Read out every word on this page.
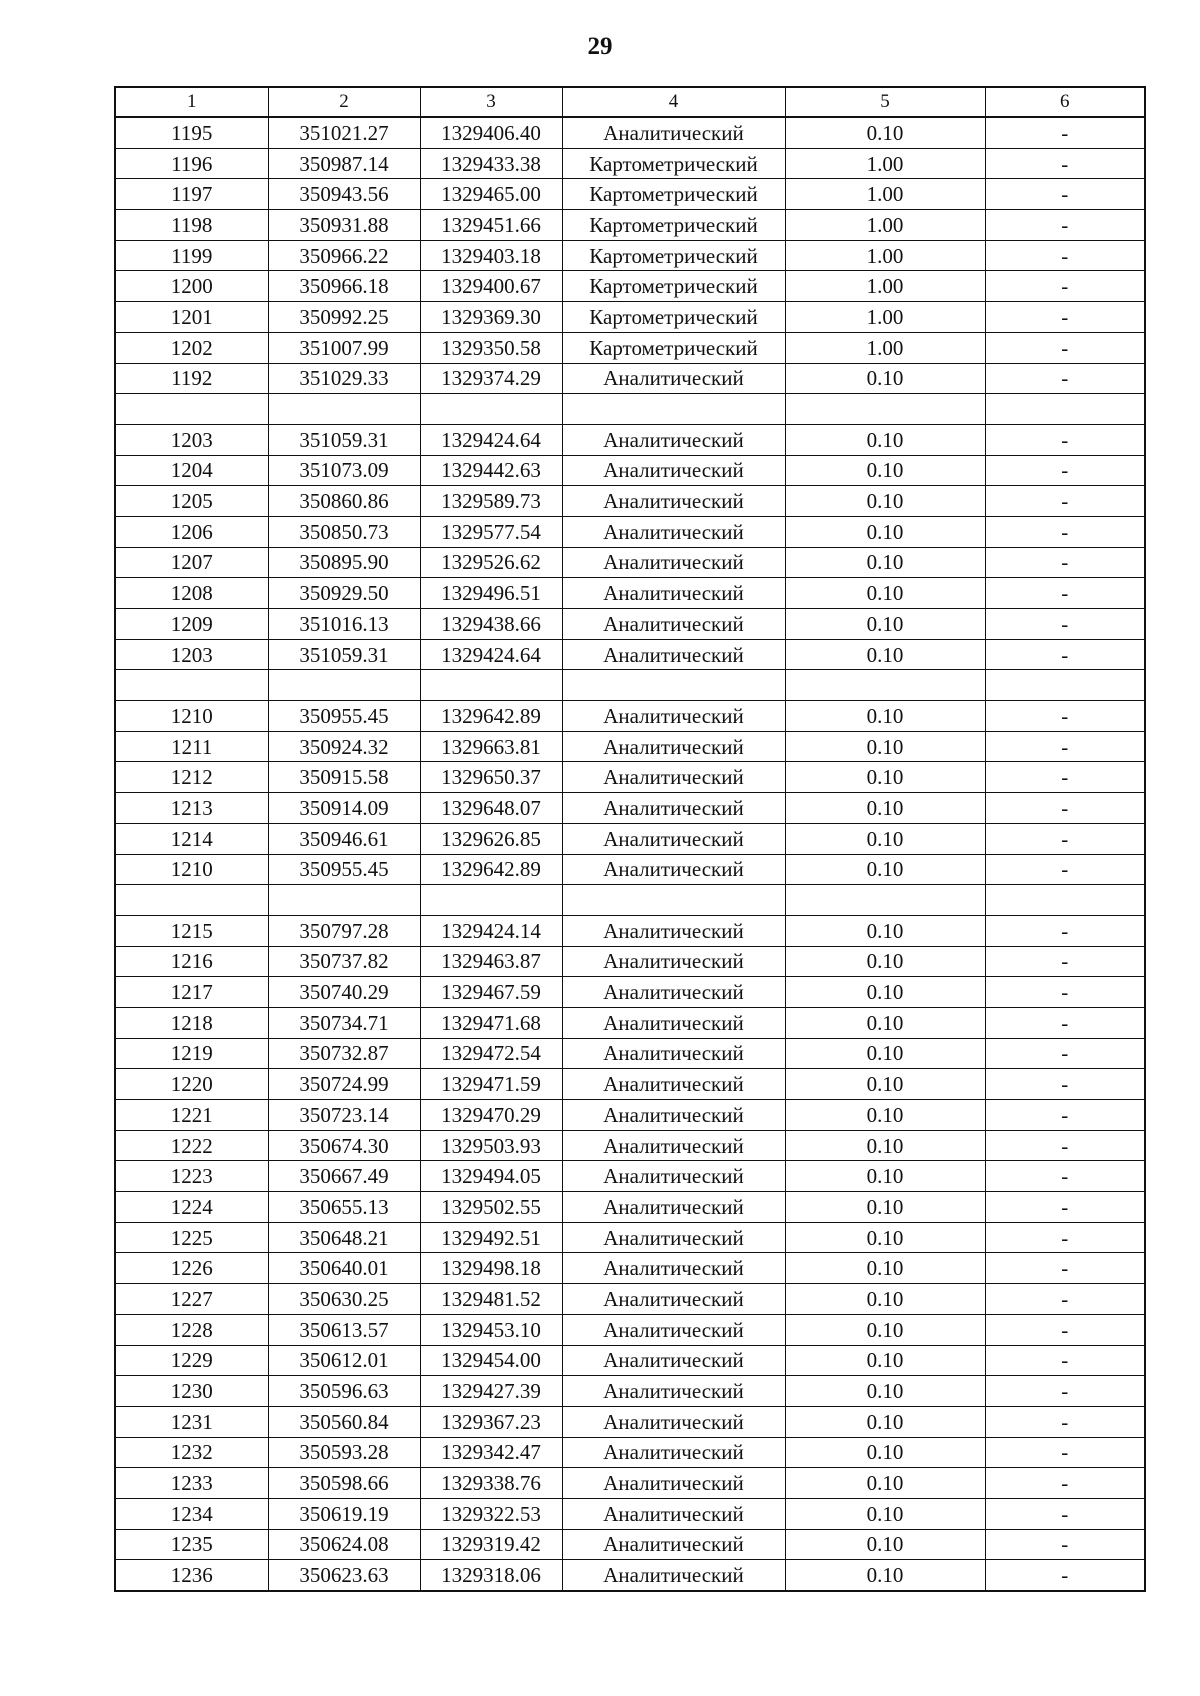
29
1	2	3	4	5	6
1195	351021.27	1329406.40	Аналитический	0.10	-
1196	350987.14	1329433.38	Картометрический	1.00	-
1197	350943.56	1329465.00	Картометрический	1.00	-
1198	350931.88	1329451.66	Картометрический	1.00	-
1199	350966.22	1329403.18	Картометрический	1.00	-
1200	350966.18	1329400.67	Картометрический	1.00	-
1201	350992.25	1329369.30	Картометрический	1.00	-
1202	351007.99	1329350.58	Картометрический	1.00	-
1192	351029.33	1329374.29	Аналитический	0.10	-

1203	351059.31	1329424.64	Аналитический	0.10	-
1204	351073.09	1329442.63	Аналитический	0.10	-
1205	350860.86	1329589.73	Аналитический	0.10	-
1206	350850.73	1329577.54	Аналитический	0.10	-
1207	350895.90	1329526.62	Аналитический	0.10	-
1208	350929.50	1329496.51	Аналитический	0.10	-
1209	351016.13	1329438.66	Аналитический	0.10	-
1203	351059.31	1329424.64	Аналитический	0.10	-

1210	350955.45	1329642.89	Аналитический	0.10	-
1211	350924.32	1329663.81	Аналитический	0.10	-
1212	350915.58	1329650.37	Аналитический	0.10	-
1213	350914.09	1329648.07	Аналитический	0.10	-
1214	350946.61	1329626.85	Аналитический	0.10	-
1210	350955.45	1329642.89	Аналитический	0.10	-

1215	350797.28	1329424.14	Аналитический	0.10	-
1216	350737.82	1329463.87	Аналитический	0.10	-
1217	350740.29	1329467.59	Аналитический	0.10	-
1218	350734.71	1329471.68	Аналитический	0.10	-
1219	350732.87	1329472.54	Аналитический	0.10	-
1220	350724.99	1329471.59	Аналитический	0.10	-
1221	350723.14	1329470.29	Аналитический	0.10	-
1222	350674.30	1329503.93	Аналитический	0.10	-
1223	350667.49	1329494.05	Аналитический	0.10	-
1224	350655.13	1329502.55	Аналитический	0.10	-
1225	350648.21	1329492.51	Аналитический	0.10	-
1226	350640.01	1329498.18	Аналитический	0.10	-
1227	350630.25	1329481.52	Аналитический	0.10	-
1228	350613.57	1329453.10	Аналитический	0.10	-
1229	350612.01	1329454.00	Аналитический	0.10	-
1230	350596.63	1329427.39	Аналитический	0.10	-
1231	350560.84	1329367.23	Аналитический	0.10	-
1232	350593.28	1329342.47	Аналитический	0.10	-
1233	350598.66	1329338.76	Аналитический	0.10	-
1234	350619.19	1329322.53	Аналитический	0.10	-
1235	350624.08	1329319.42	Аналитический	0.10	-
1236	350623.63	1329318.06	Аналитический	0.10	-
